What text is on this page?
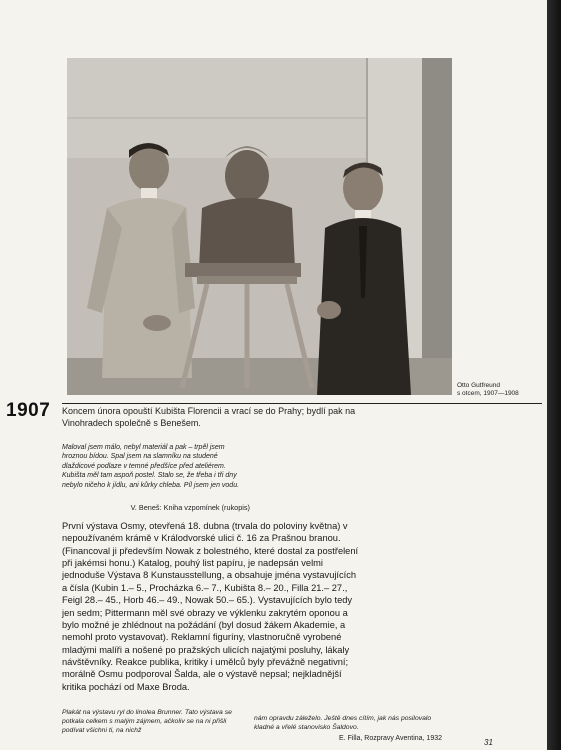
Otto Gutfreund
s otcem, 1907—1908
1907 Koncem února opouští Kubišta Florencii a vrací se do Prahy; bydlí pak na Vinohradech společně s Benešem.
Maloval jsem málo, nebyl materiál a pak – trpěl jsem hroznou bídou. Spal jsem na slamníku na studené dlaždicové podlaze v temné předšíce před ateliérem. Kubišta měl tam aspoň postel. Stalo se, že třeba i tři dny nebylo ničeho k jídlu, ani kůrky chleba. Píl jsem jen vodu.
V. Beneš: Kniha vzpomínek (rukopis)
První výstava Osmy, otevřená 18. dubna (trvala do poloviny května) v nepoužívaném krámě v Králodvorské ulici č. 16 za Prašnou branou. (Financoval ji především Nowak z bolestného, které dostal za postřelení při jakémsi honu.) Katalog, pouhý list papíru, je nadepsán velmi jednoduše Výstava 8 Kunstausstellung, a obsahuje jména vystavujících a čísla (Kubin 1.– 5., Procházka 6.– 7., Kubišta 8.– 20., Filla 21.– 27., Feigl 28.– 45., Horb 46.– 49., Nowak 50.– 65.). Vystavujících bylo tedy jen sedm; Pittermann měl své obrazy ve výklenku zakrytém oponou a bylo možné je zhlédnout na požádání (byl dosud žákem Akademie, a nemohl proto vystavovat). Reklamní figuríny, vlastnoručně vyrobené mladými malíři a nošené po pražských ulicích najatými posluhy, lákaly návštěvníky. Reakce publika, kritiky i umělců byly převážně negativní; morálně Osmu podporoval Šalda, ale o výstavě nepsal; nejkladnější kritika pochází od Maxe Broda.
Plakát na výstavu ryl do linolea Brunner. Tato výstava se potkala celkem s malým zájmem, ačkoliv se na ni přišli podívat všichni ti, na nichž
nám opravdu záleželo. Ještě dnes cítím, jak nás posilovalo kladné a vřelé stanovisko Šaldovo.
E. Filla, Rozpravy Aventina, 1932	31
